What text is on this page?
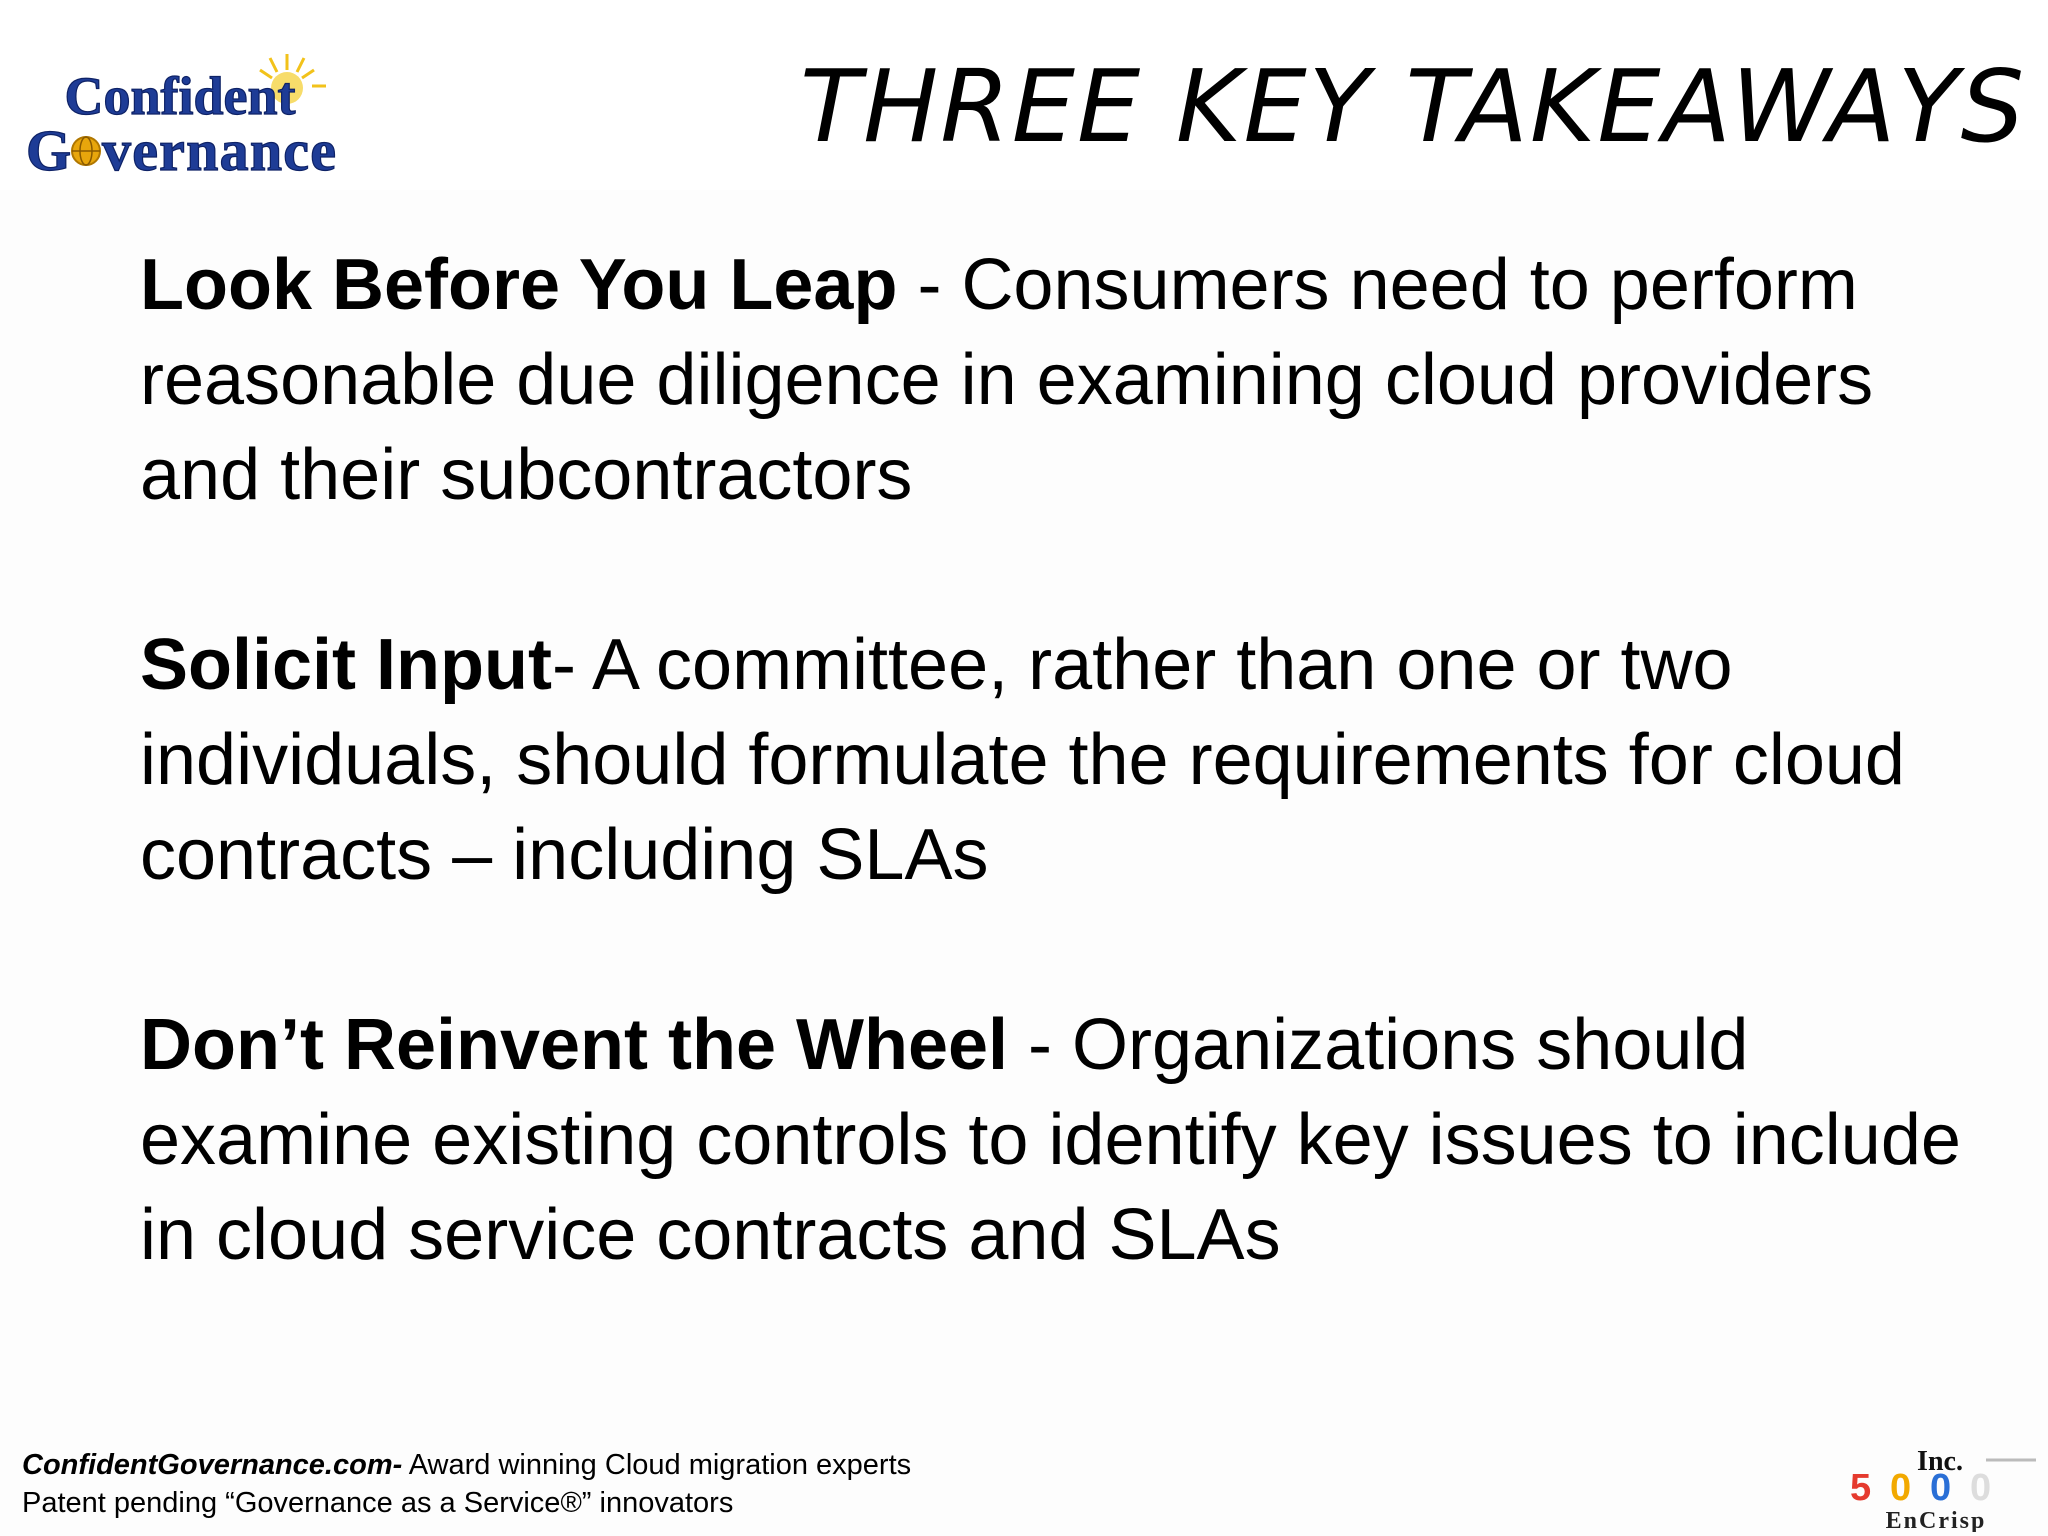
Confident
G vernance	THREE KEY TAKEAWAYS

Look Before You Leap - Consumers need to perform reasonable due diligence in examining cloud providers and their subcontractors

Solicit Input- A committee, rather than one or two individuals, should formulate the requirements for cloud contracts – including SLAs

Don’t Reinvent the Wheel - Organizations should examine existing controls to identify key issues to include in cloud service contracts and SLAs

ConfidentGovernance.com- Award winning Cloud migration experts
Patent pending “Governance as a Service®” innovators
Inc.
5 0 0 0
EnCrisp
